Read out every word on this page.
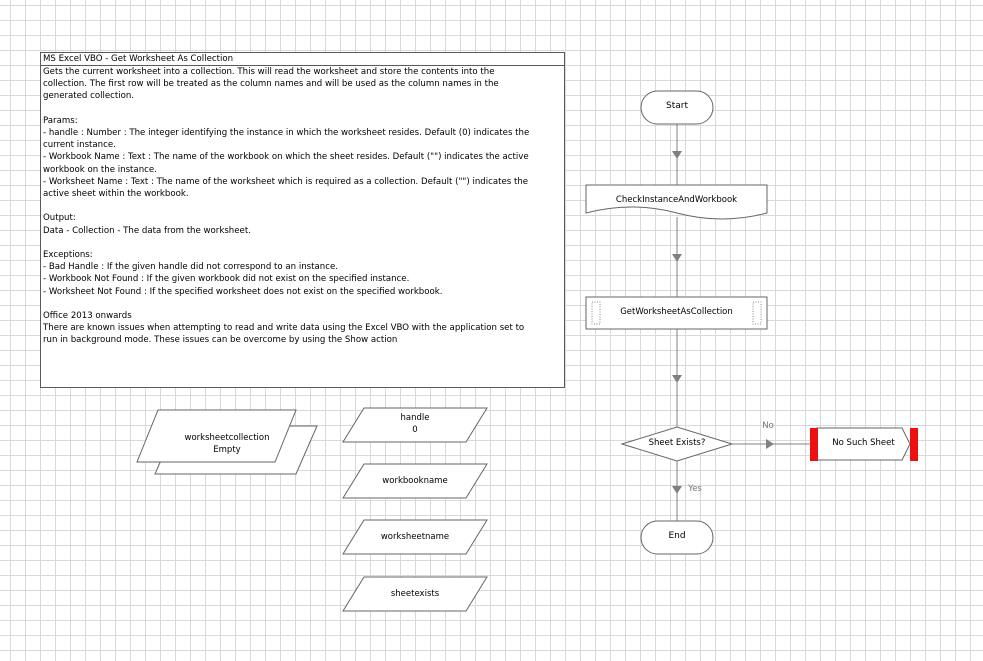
MS Excel VBO - Get Worksheet As Collection
Gets the current worksheet into a collection. This will read the worksheet and store the contents into the
collection. The first row will be treated as the column names and will be used as the column names in the
generated collection.

Params:
- handle : Number : The integer identifying the instance in which the worksheet resides. Default (0) indicates the
current instance.
- Workbook Name : Text : The name of the workbook on which the sheet resides. Default ("") indicates the active
workbook on the instance.
- Worksheet Name : Text : The name of the worksheet which is required as a collection. Default ("") indicates the
active sheet within the workbook.

Output:
Data - Collection - The data from the worksheet.

Exceptions:
- Bad Handle : If the given handle did not correspond to an instance.
- Workbook Not Found : If the given workbook did not exist on the specified instance.
- Worksheet Not Found : If the specified worksheet does not exist on the specified workbook.

Office 2013 onwards
There are known issues when attempting to read and write data using the Excel VBO with the application set to
run in background mode. These issues can be overcome by using the Show action
Start
CheckInstanceAndWorkbook
GetWorksheetAsCollection
Sheet Exists?
No
Yes
No Such Sheet
End
worksheetcollection
Empty
handle
0
workbookname
worksheetname
sheetexists
